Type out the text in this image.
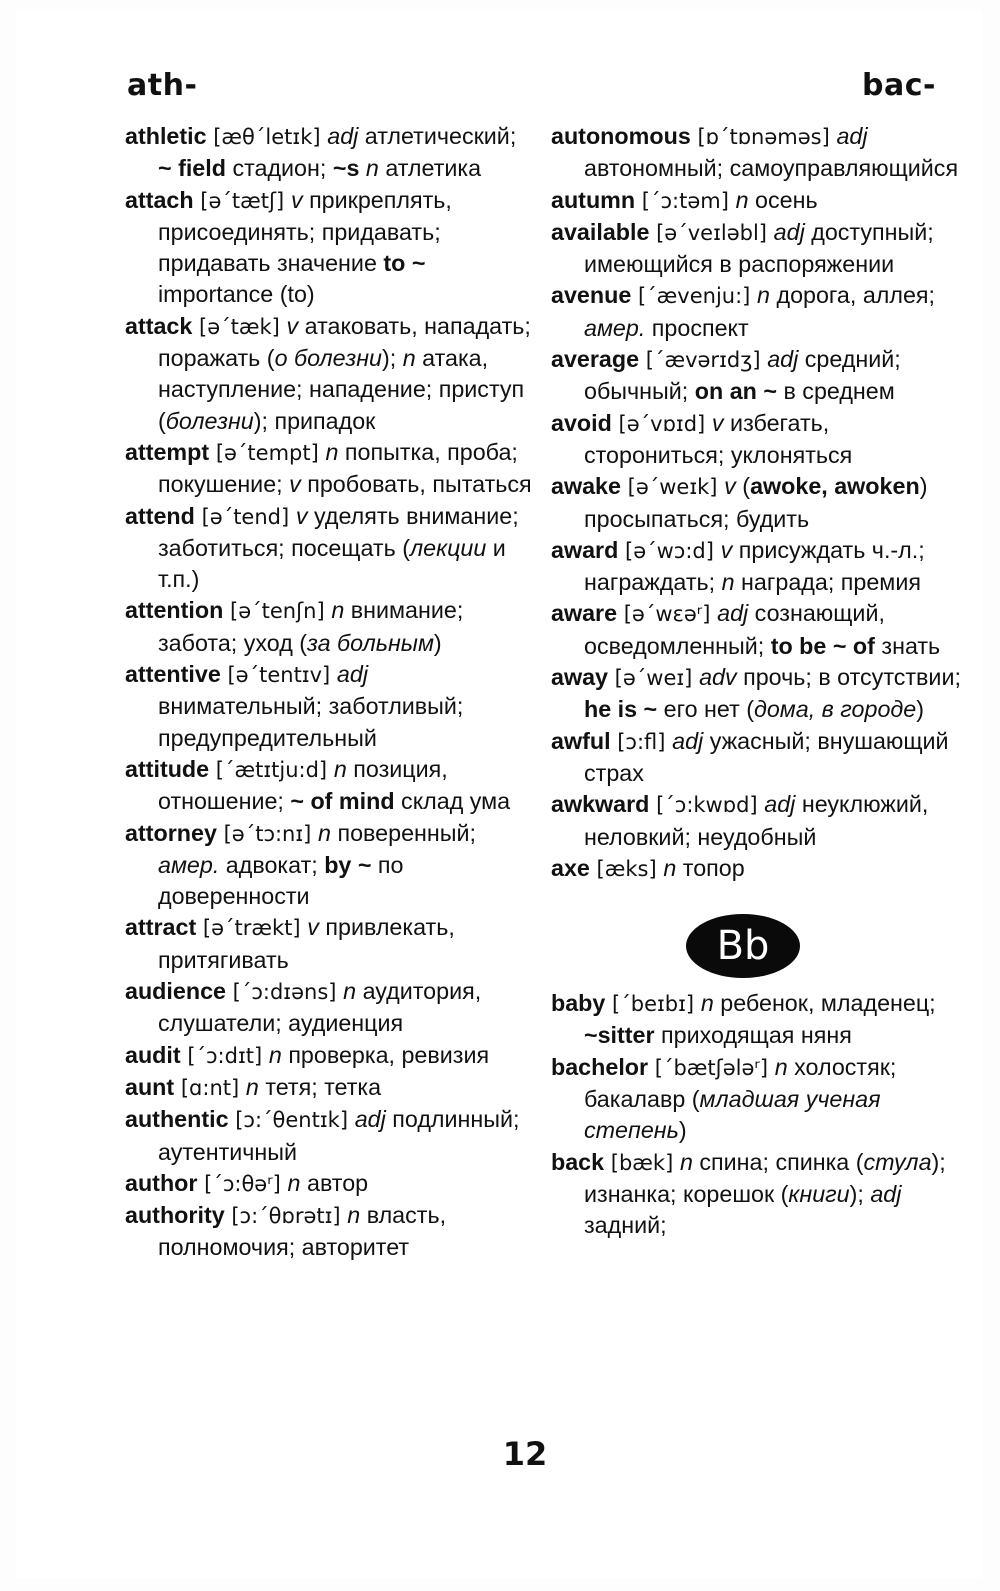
ath-	bac-
athletic [æθ΄letɪk] adj атлетический; ~ field стадион; ~s n атлетика
attach [ə΄tætʃ] v прикреплять, присоединять; придавать; придавать значение to ~ importance (to)
attack [ə΄tæk] v атаковать, нападать; поражать (о болезни); n атака, наступление; нападение; приступ (болезни); припадок
attempt [ə΄tempt] n попытка, проба; покушение; v пробовать, пытаться
attend [ə΄tend] v уделять внимание; заботиться; посещать (лекции и т.п.)
attention [ə΄tenʃn] n внимание; забота; уход (за больным)
attentive [ə΄tentɪv] adj внимательный; заботливый; предупредительный
attitude [΄ætɪtju:d] n позиция, отношение; ~ of mind склад ума
attorney [ə΄tɔ:nɪ] n поверенный; амер. адвокат; by ~ по доверенности
attract [ə΄trækt] v привлекать, притягивать
audience [΄ɔ:dɪəns] n аудитория, слушатели; аудиенция
audit [΄ɔ:dɪt] n проверка, ревизия
aunt [ɑ:nt] n тетя; тетка
authentic [ɔ:΄θentɪk] adj подлинный; аутентичный
author [΄ɔ:θəʳ] n автор
authority [ɔ:΄θɒrətɪ] n власть, полномочия; авторитет
autonomous [ɒ΄tɒnəməs] adj автономный; самоуправляющийся
autumn [΄ɔ:təm] n осень
available [ə΄veɪləbl] adj доступный; имеющийся в распоряжении
avenue [΄ævenju:] n дорога, аллея; амер. проспект
average [΄ævərɪdʒ] adj средний; обычный; on an ~ в среднем
avoid [ə΄vɒɪd] v избегать, сторониться; уклоняться
awake [ə΄weɪk] v (awoke, awoken) просыпаться; будить
award [ə΄wɔ:d] v присуждать ч.-л.; награждать; n награда; премия
aware [ə΄wεəʳ] adj сознающий, осведомленный; to be ~ of знать
away [ə΄weɪ] adv прочь; в отсутствии; he is ~ его нет (дома, в городе)
awful [ɔ:fl] adj ужасный; внушающий страх
awkward [΄ɔ:kwɒd] adj неуклюжий, неловкий; неудобный
axe [æks] n топор
Bb
baby [΄beɪbɪ] n ребенок, младенец; ~sitter приходящая няня
bachelor [΄bætʃələʳ] n холостяк; бакалавр (младшая ученая степень)
back [bæk] n спина; спинка (стула); изнанка; корешок (книги); adj задний;
12
